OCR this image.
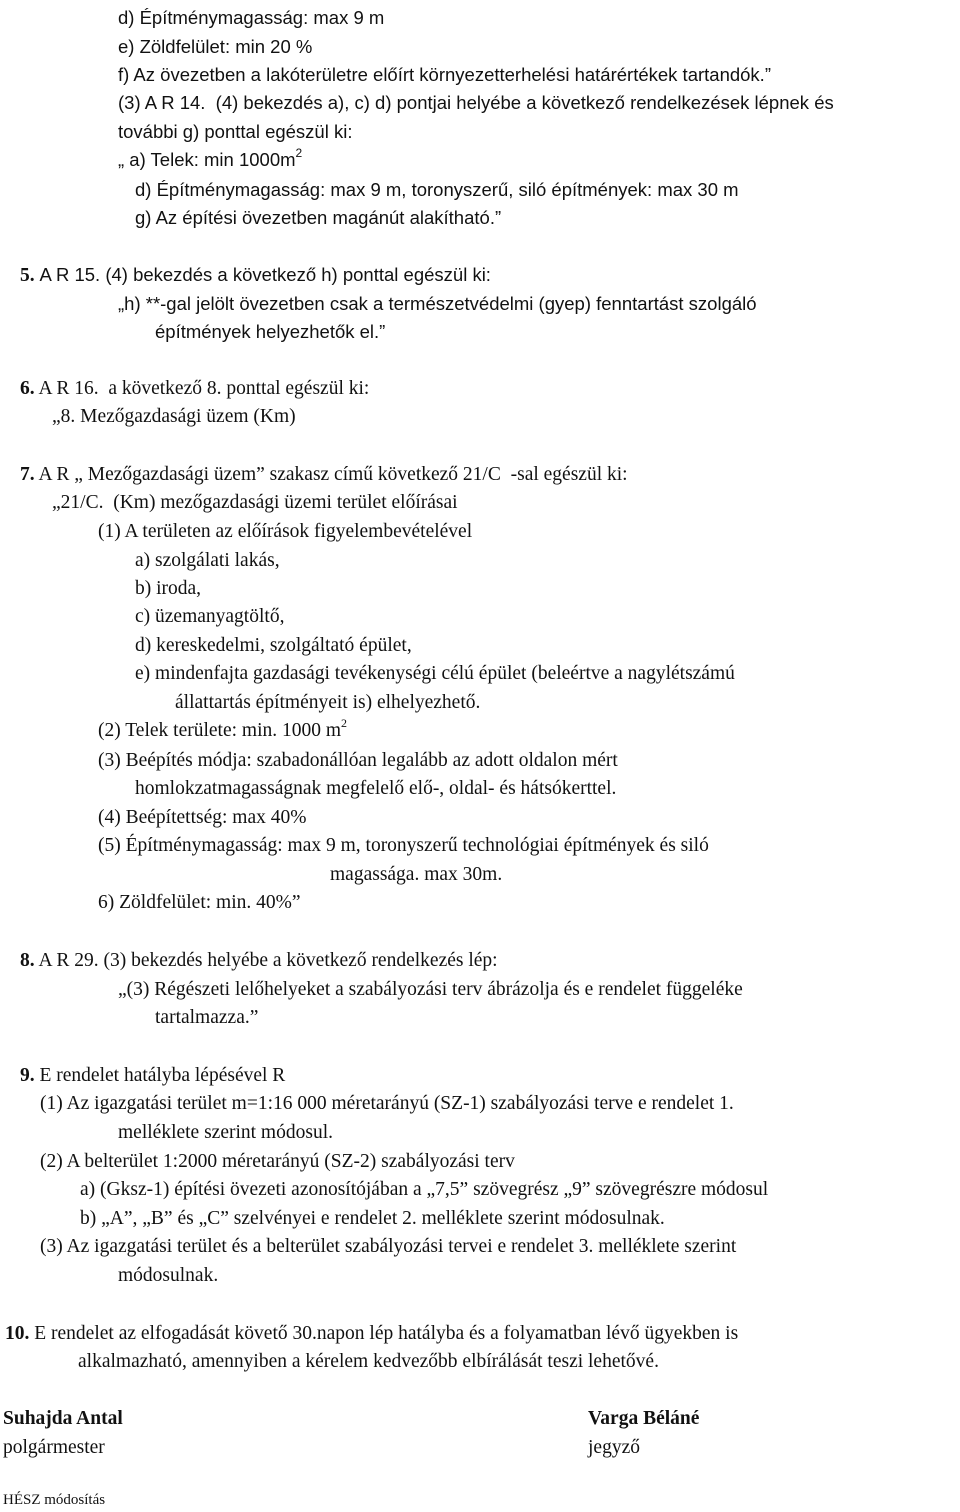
d) Építménymagasság: max 9 m
e) Zöldfelület: min 20 %
f) Az övezetben a lakóterületre előírt környezetterhelési határértékek tartandók.”
(3) A R 14.  (4) bekezdés a), c) d) pontjai helyébe a következő rendelkezések lépnek és
további g) ponttal egészül ki:
„ a) Telek: $\min 1000m^2$
d) Építménymagasság: max 9 m, toronyszerű, siló építmények: max 30 m
g) Az építési övezetben magánút alakítható.”
5. A R 15. (4) bekezdés a következő h) ponttal egészül ki:
„h) **-gal jelölt övezetben csak a természetvédelmi (gyep) fenntartást szolgáló
építmények helyezhetők el.”
6. A R 16.  a következő 8. ponttal egészül ki:
„8. Mezőgazdasági üzem (Km)
7. A R „ Mezőgazdasági üzem” szakasz című következő 21/C  -sal egészül ki:
„21/C.  (Km) mezőgazdasági üzemi terület előírásai
(1) A területen az előírások figyelembevételével
a) szolgálati lakás,
b) iroda,
c) üzemanyagtöltő,
d) kereskedelmi, szolgáltató épület,
e) mindenfajta gazdasági tevékenységi célú épület (beleértve a nagylétszámú
állattartás építményeit is) elhelyezhető.
(2) Telek területe: min. 1000 $m^2$
(3) Beépítés módja: szabadonállóan legalább az adott oldalon mért
homlokzatmagasságnak megfelelő elő-, oldal- és hátsókerttel.
(4) Beépítettség: max 40%
(5) Építménymagasság: max 9 m, toronyszerű technológiai építmények és siló
magassága. max 30m.
6) Zöldfelület: min. 40%”
8. A R 29. (3) bekezdés helyébe a következő rendelkezés lép:
„(3) Régészeti lelőhelyeket a szabályozási terv ábrázolja és e rendelet függeléke
tartalmazza.”
9. E rendelet hatályba lépésével R
(1) Az igazgatási terület m=1:16 000 méretarányú (SZ-1) szabályozási terve e rendelet 1.
melléklete szerint módosul.
(2) A belterület 1:2000 méretarányú (SZ-2) szabályozási terv
a) (Gksz-1) építési övezeti azonosítójában a „7,5” szövegrész „9” szövegrészre módosul
b) „A”, „B” és „C” szelvényei e rendelet 2. melléklete szerint módosulnak.
(3) Az igazgatási terület és a belterület szabályozási tervei e rendelet 3. melléklete szerint
módosulnak.
10. E rendelet az elfogadását követő 30.napon lép hatályba és a folyamatban lévő ügyekben is
alkalmazható, amennyiben a kérelem kedvezőbb elbírálását teszi lehetővé.
Suhajda Antal
polgármester
Varga Béláné
jegyző
HÉSZ módosítás
